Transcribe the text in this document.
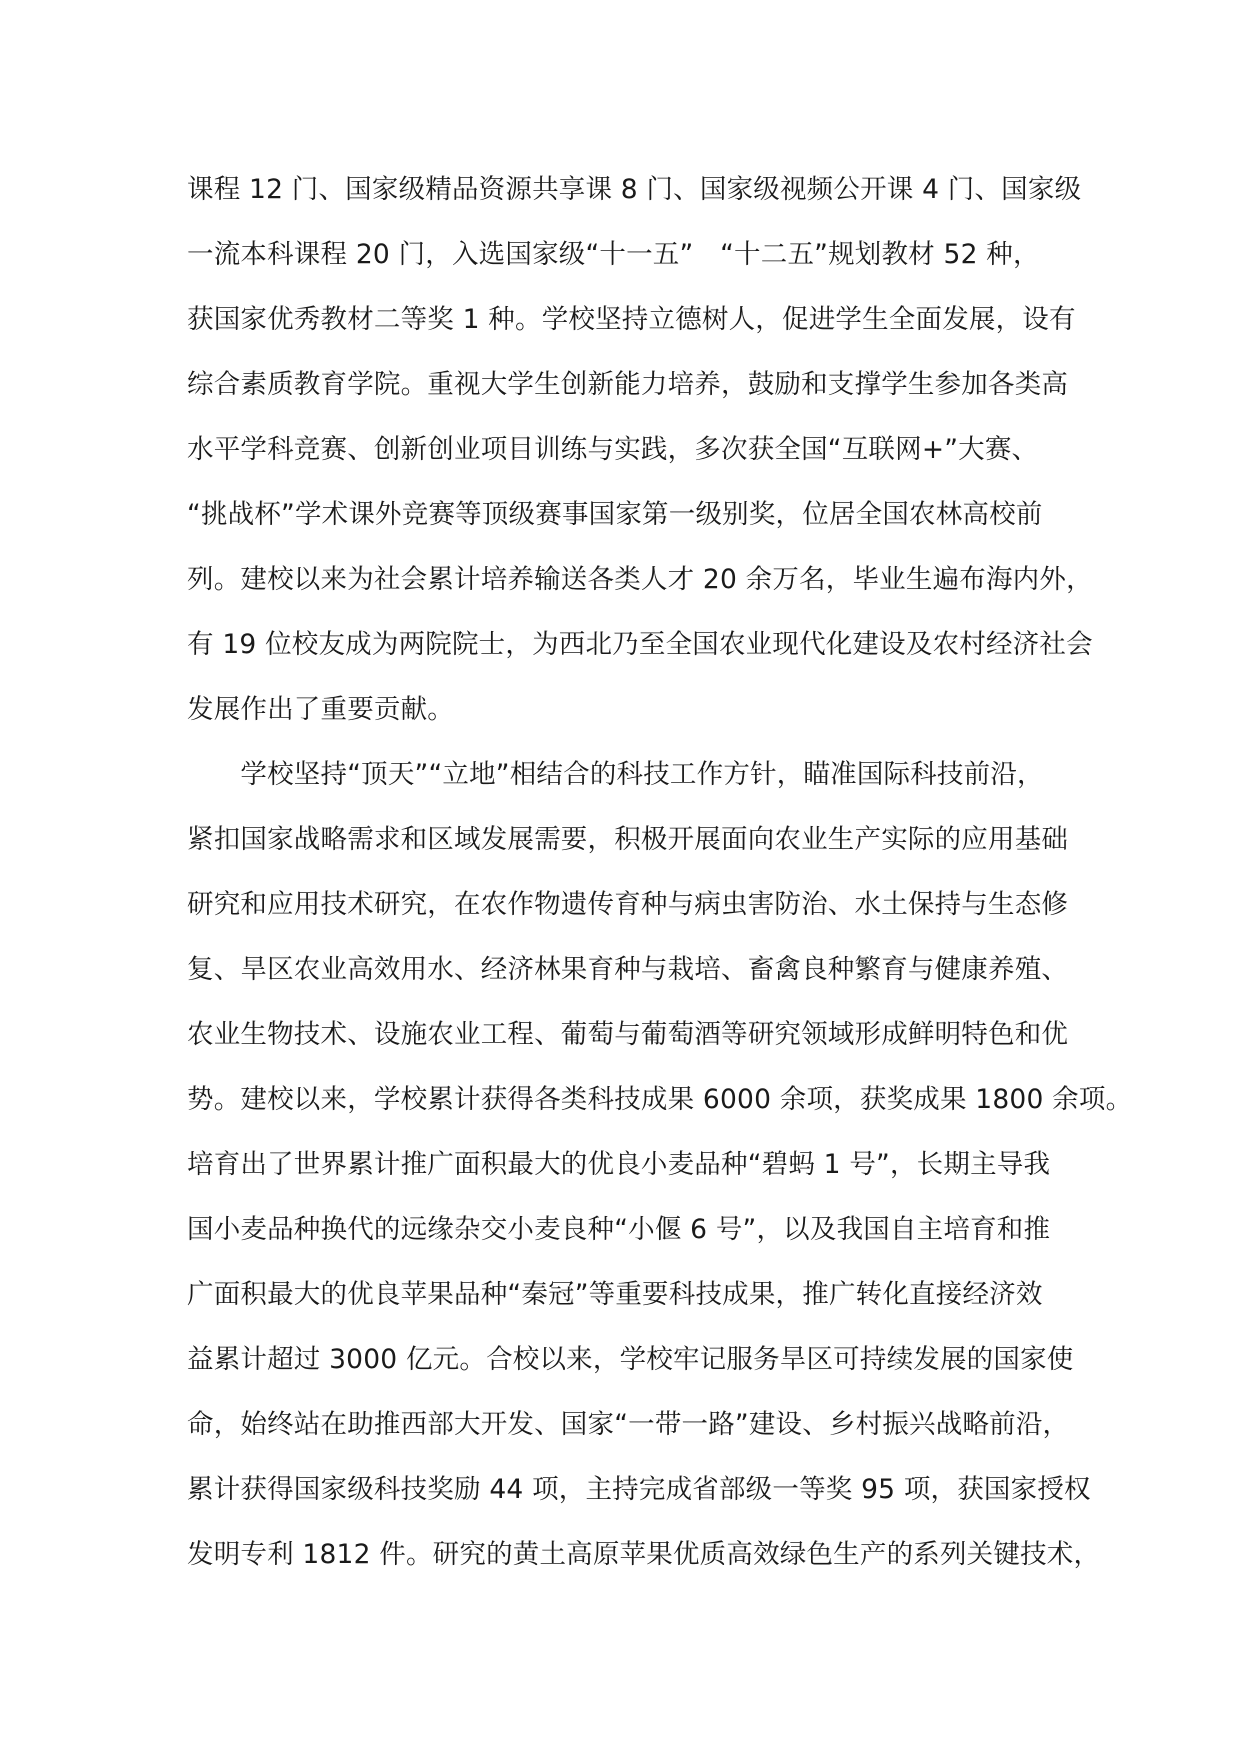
课程 12 门、国家级精品资源共享课 8 门、国家级视频公开课 4 门、国家级
一流本科课程 20 门，入选国家级“十一五”　“十二五”规划教材 52 种，
获国家优秀教材二等奖 1 种。学校坚持立德树人，促进学生全面发展，设有
综合素质教育学院。重视大学生创新能力培养，鼓励和支撑学生参加各类高
水平学科竞赛、创新创业项目训练与实践，多次获全国“互联网+”大赛、
“挑战杯”学术课外竞赛等顶级赛事国家第一级别奖，位居全国农林高校前
列。建校以来为社会累计培养输送各类人才 20 余万名，毕业生遍布海内外，
有 19 位校友成为两院院士，为西北乃至全国农业现代化建设及农村经济社会
发展作出了重要贡献。
　　学校坚持“顶天”“立地”相结合的科技工作方针，瞄准国际科技前沿，
紧扣国家战略需求和区域发展需要，积极开展面向农业生产实际的应用基础
研究和应用技术研究，在农作物遗传育种与病虫害防治、水土保持与生态修
复、旱区农业高效用水、经济林果育种与栽培、畜禽良种繁育与健康养殖、
农业生物技术、设施农业工程、葡萄与葡萄酒等研究领域形成鲜明特色和优
势。建校以来，学校累计获得各类科技成果 6000 余项，获奖成果 1800 余项。
培育出了世界累计推广面积最大的优良小麦品种“碧蚂 1 号”，长期主导我
国小麦品种换代的远缘杂交小麦良种“小偃 6 号”，以及我国自主培育和推
广面积最大的优良苹果品种“秦冠”等重要科技成果，推广转化直接经济效
益累计超过 3000 亿元。合校以来，学校牢记服务旱区可持续发展的国家使
命，始终站在助推西部大开发、国家“一带一路”建设、乡村振兴战略前沿，
累计获得国家级科技奖励 44 项，主持完成省部级一等奖 95 项，获国家授权
发明专利 1812 件。研究的黄土高原苹果优质高效绿色生产的系列关键技术，
